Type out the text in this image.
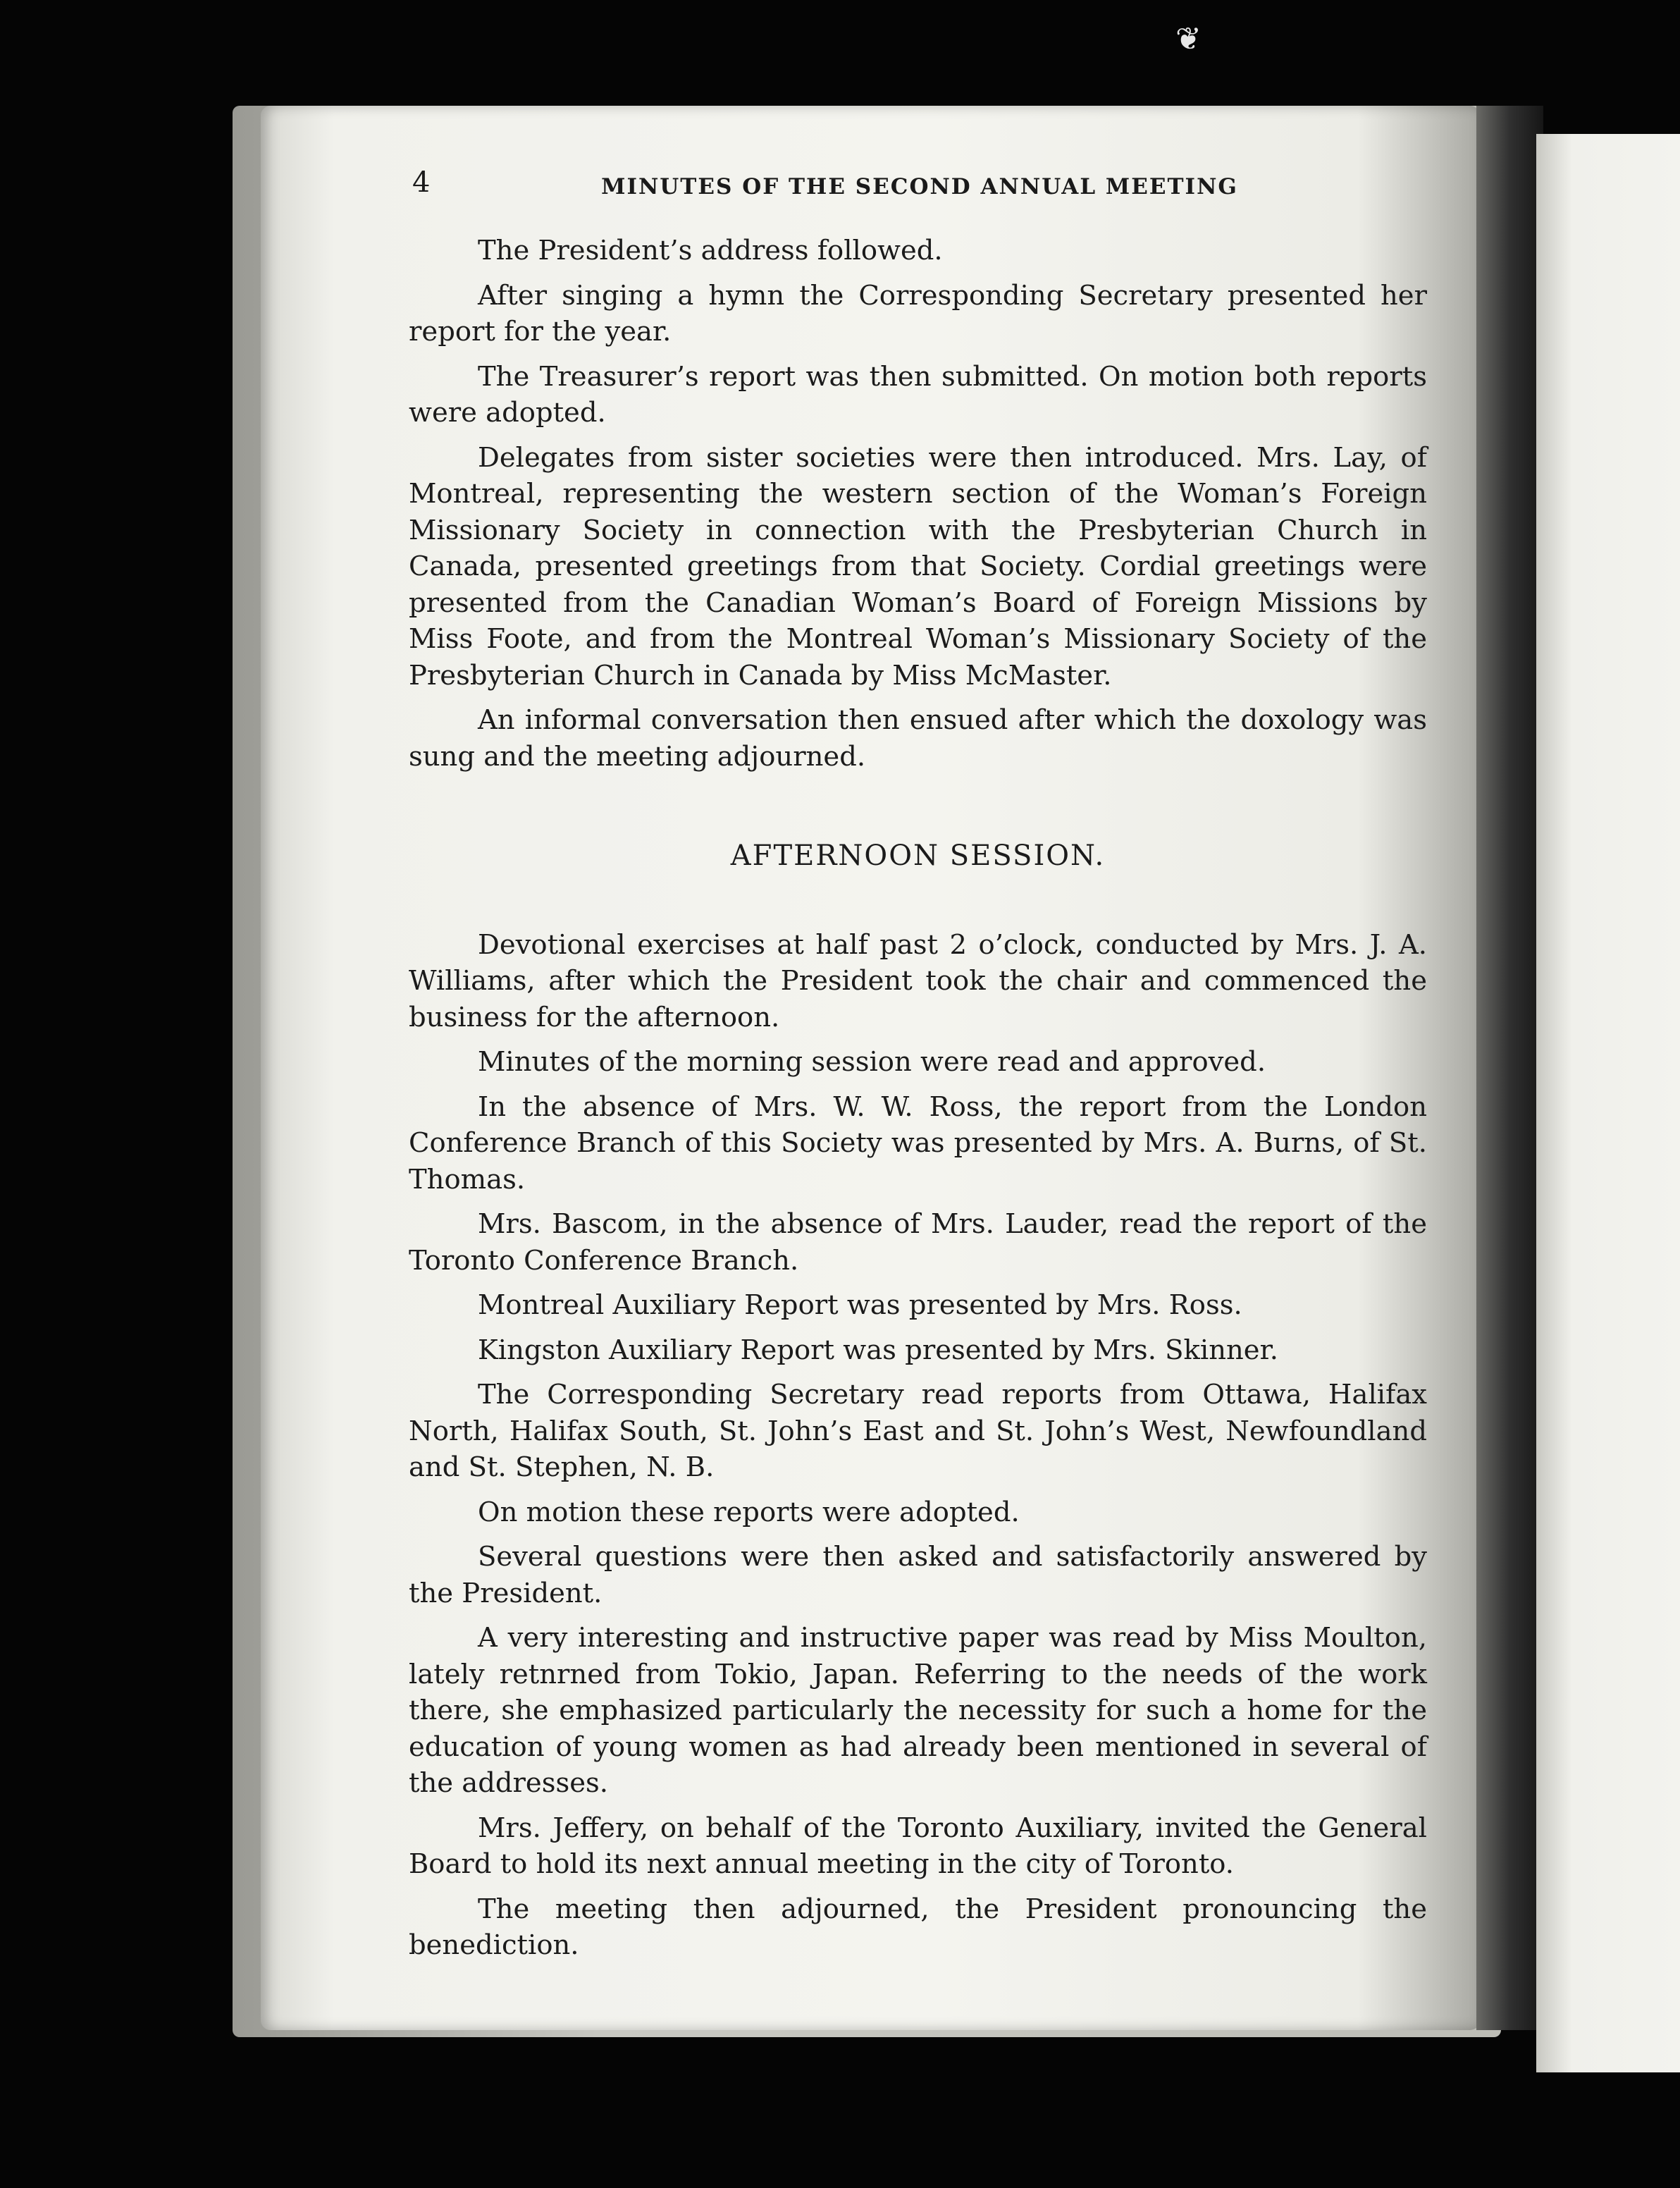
❦
4	MINUTES OF THE SECOND ANNUAL MEETING

The President’s address followed.

After singing a hymn the Corresponding Secretary presented her report for the year.

The Treasurer’s report was then submitted. On motion both reports were adopted.

Delegates from sister societies were then introduced. Mrs. Lay, of Montreal, representing the western section of the Woman’s Foreign Missionary Society in connection with the Presbyterian Church in Canada, presented greetings from that Society. Cordial greetings were presented from the Canadian Woman’s Board of Foreign Missions by Miss Foote, and from the Montreal Woman’s Missionary Society of the Presbyterian Church in Canada by Miss McMaster.

An informal conversation then ensued after which the doxology was sung and the meeting adjourned.

AFTERNOON SESSION.

Devotional exercises at half past 2 o’clock, conducted by Mrs. J. A. Williams, after which the President took the chair and commenced the business for the afternoon.

Minutes of the morning session were read and approved.

In the absence of Mrs. W. W. Ross, the report from the London Conference Branch of this Society was presented by Mrs. A. Burns, of St. Thomas.

Mrs. Bascom, in the absence of Mrs. Lauder, read the report of the Toronto Conference Branch.

Montreal Auxiliary Report was presented by Mrs. Ross.

Kingston Auxiliary Report was presented by Mrs. Skinner.

The Corresponding Secretary read reports from Ottawa, Halifax North, Halifax South, St. John’s East and St. John’s West, Newfoundland and St. Stephen, N. B.

On motion these reports were adopted.

Several questions were then asked and satisfactorily answered by the President.

A very interesting and instructive paper was read by Miss Moulton, lately retnrned from Tokio, Japan. Referring to the needs of the work there, she emphasized particularly the necessity for such a home for the education of young women as had already been mentioned in several of the addresses.

Mrs. Jeffery, on behalf of the Toronto Auxiliary, invited the General Board to hold its next annual meeting in the city of Toronto.

The meeting then adjourned, the President pronouncing the benediction.
